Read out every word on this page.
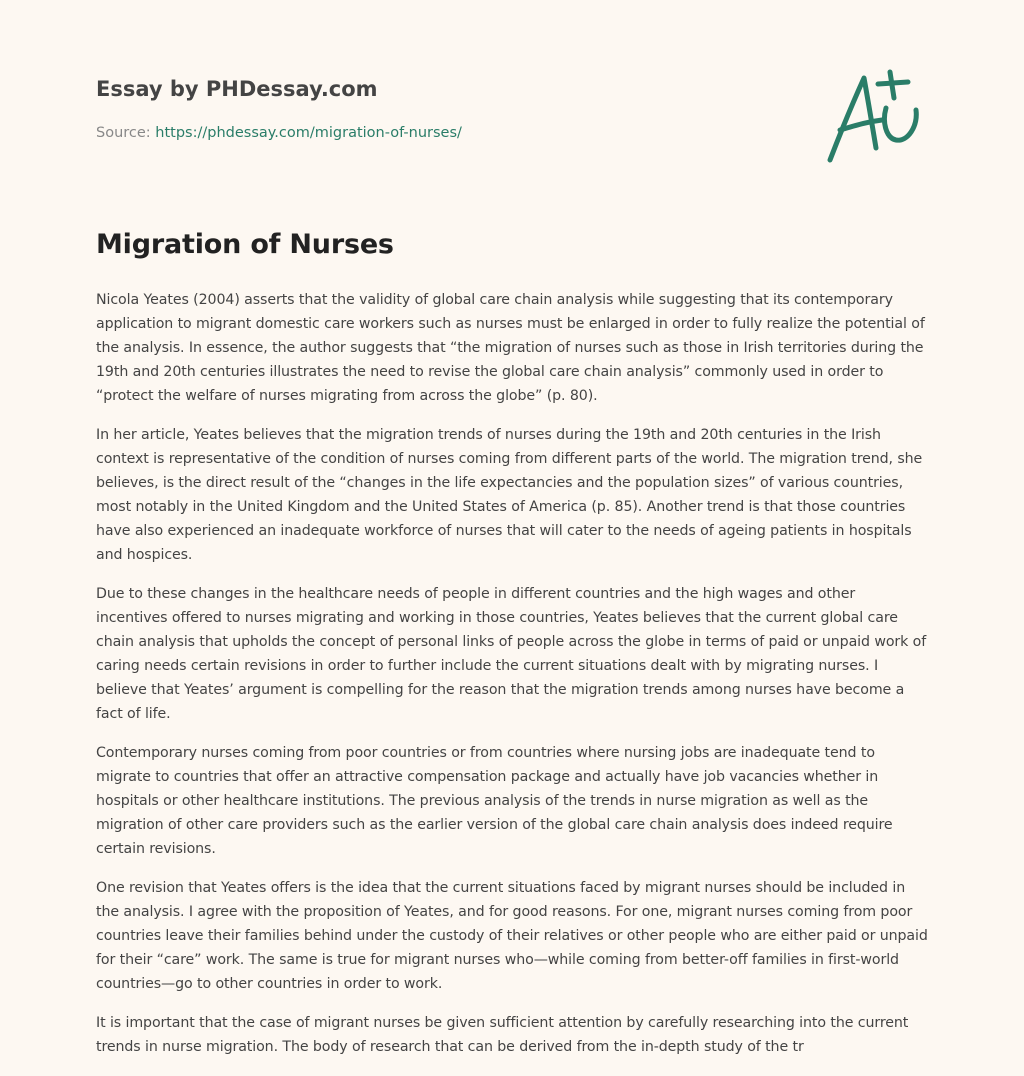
Essay by PHDessay.com
Source: https://phdessay.com/migration-of-nurses/
Migration of Nurses

Nicola Yeates (2004) asserts that the validity of global care chain analysis while suggesting that its contemporary application to migrant domestic care workers such as nurses must be enlarged in order to fully realize the potential of the analysis. In essence, the author suggests that “the migration of nurses such as those in Irish territories during the 19th and 20th centuries illustrates the need to revise the global care chain analysis” commonly used in order to “protect the welfare of nurses migrating from across the globe” (p. 80).

In her article, Yeates believes that the migration trends of nurses during the 19th and 20th centuries in the Irish context is representative of the condition of nurses coming from different parts of the world. The migration trend, she believes, is the direct result of the “changes in the life expectancies and the population sizes” of various countries, most notably in the United Kingdom and the United States of America (p. 85). Another trend is that those countries have also experienced an inadequate workforce of nurses that will cater to the needs of ageing patients in hospitals and hospices.

Due to these changes in the healthcare needs of people in different countries and the high wages and other incentives offered to nurses migrating and working in those countries, Yeates believes that the current global care chain analysis that upholds the concept of personal links of people across the globe in terms of paid or unpaid work of caring needs certain revisions in order to further include the current situations dealt with by migrating nurses. I believe that Yeates’ argument is compelling for the reason that the migration trends among nurses have become a fact of life.

Contemporary nurses coming from poor countries or from countries where nursing jobs are inadequate tend to migrate to countries that offer an attractive compensation package and actually have job vacancies whether in hospitals or other healthcare institutions. The previous analysis of the trends in nurse migration as well as the migration of other care providers such as the earlier version of the global care chain analysis does indeed require certain revisions.

One revision that Yeates offers is the idea that the current situations faced by migrant nurses should be included in the analysis. I agree with the proposition of Yeates, and for good reasons. For one, migrant nurses coming from poor countries leave their families behind under the custody of their relatives or other people who are either paid or unpaid for their “care” work. The same is true for migrant nurses who—while coming from better-off families in first-world countries—go to other countries in order to work.

It is important that the case of migrant nurses be given sufficient attention by carefully researching into the current trends in nurse migration. The body of research that can be derived from the in-depth study of the tr
